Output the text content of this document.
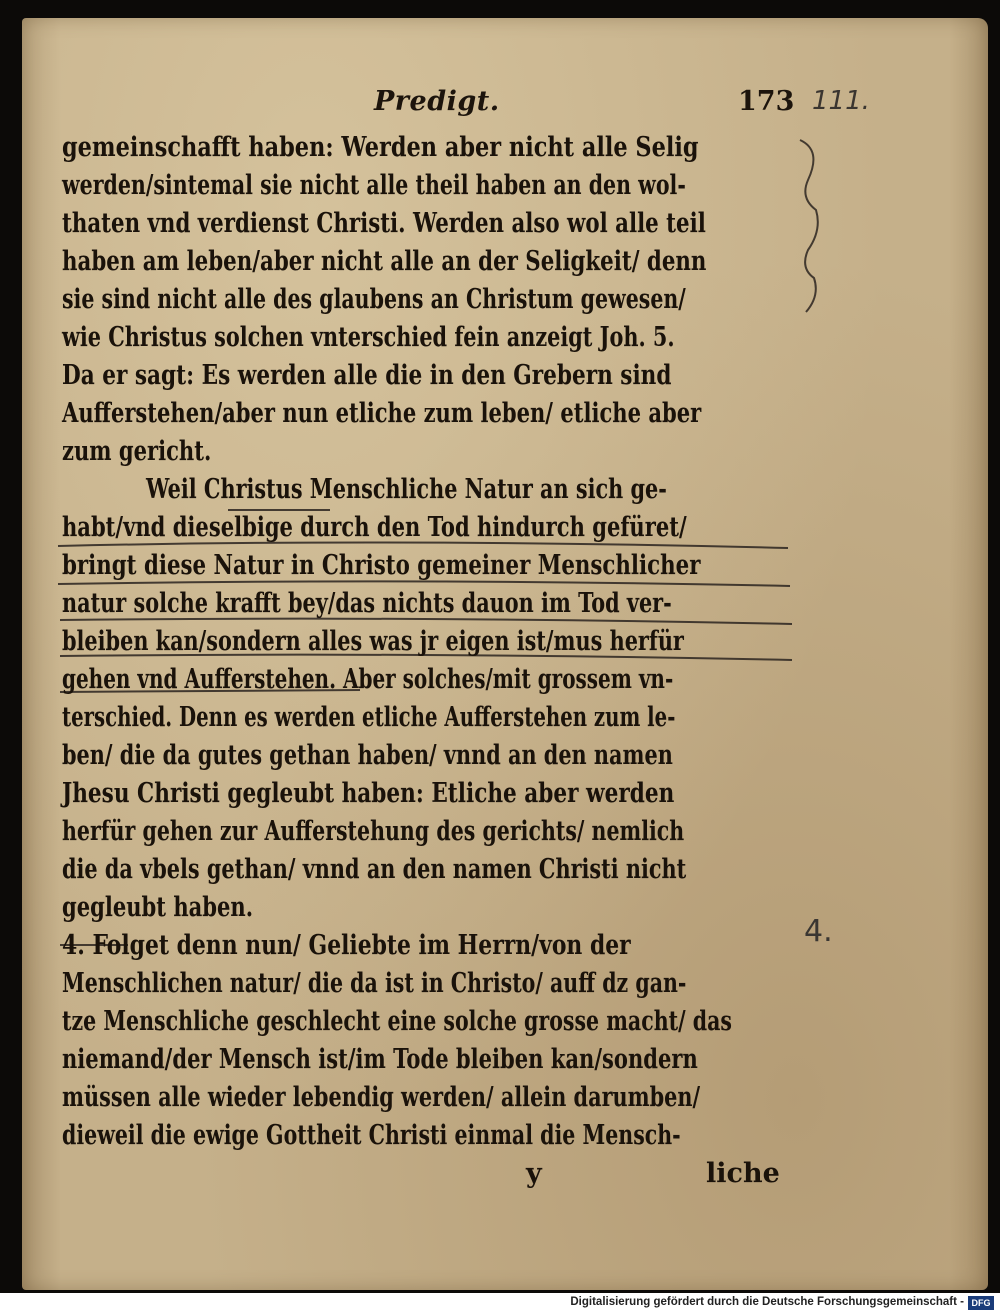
Predigt.	173 111.
gemeinschafft haben: Werden aber nicht alle Selig
werden/sintemal sie nicht alle theil haben an den wol-
thaten vnd verdienst Christi. Werden also wol alle teil
haben am leben/aber nicht alle an der Seligkeit/ denn
sie sind nicht alle des glaubens an Christum gewesen/
wie Christus solchen vnterschied fein anzeigt Joh. 5.
Da er sagt: Es werden alle die in den Grebern sind
Aufferstehen/aber nun etliche zum leben/ etliche aber
zum gericht.
Weil Christus Menschliche Natur an sich ge-
habt/vnd dieselbige durch den Tod hindurch gefüret/
bringt diese Natur in Christo gemeiner Menschlicher
natur solche krafft bey/das nichts dauon im Tod ver-
bleiben kan/sondern alles was jr eigen ist/mus herfür
gehen vnd Aufferstehen. Aber solches/mit grossem vn-
terschied. Denn es werden etliche Aufferstehen zum le-
ben/ die da gutes gethan haben/ vnnd an den namen
Jhesu Christi gegleubt haben: Etliche aber werden
herfür gehen zur Aufferstehung des gerichts/ nemlich
die da vbels gethan/ vnnd an den namen Christi nicht
gegleubt haben.
4. Folget denn nun/ Geliebte im Herrn/von der
Menschlichen natur/ die da ist in Christo/ auff dz gan-
tze Menschliche geschlecht eine solche grosse macht/ das
niemand/der Mensch ist/im Tode bleiben kan/sondern
müssen alle wieder lebendig werden/ allein darumben/
dieweil die ewige Gottheit Christi einmal die Mensch-
y	liche
4.
Digitalisierung gefördert durch die Deutsche Forschungsgemeinschaft - DFG
